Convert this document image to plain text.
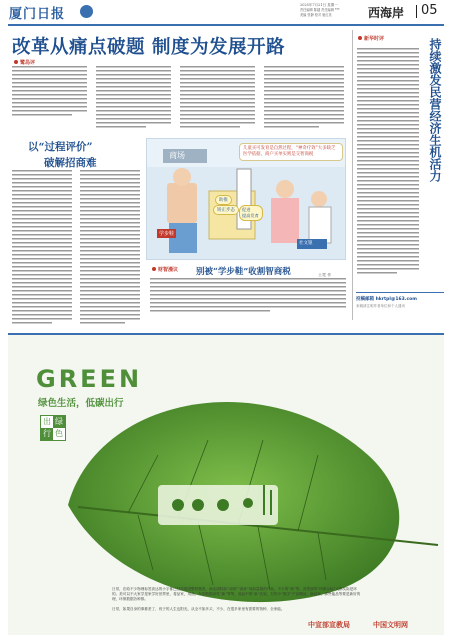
厦门日报
2025年7月21日 星期一
责任编辑 陈越 责任编辑 ***
美编 张静 校对 唐红英	西海岸 05
改革从痛点破题 制度为发展开路
鹭岛评
以“过程评价”
破解招商难
商场
儿童买可发育是自然过程，“神奇疗效”大多缺乏医学依据，商户买单实则是交智商税
学步鞋
助推
矫正步态	促进
提高发育
社文银
别被“学步鞋”收割智商税
财智漫议
王宽 作
新华时评	持续激发民营经济生机活力
投稿邮箱 hkrtpl@163.com
来稿请注明作者单位和个人通讯
GREEN
绿色生活，低碳出行
出 绿
行 色
日常，在给不少物理标签高达的小字都已经挂插进整样精美，商业面料如“羽绒”“真丝“成如量级的产品，不少的“新”等。其签放的“环保合标”大都实际是环的。美可以不大家学是家学好世界里，将品家，用品，东的数据高性“新”等等，成品中的“新”比较，打的小“数字”产品精品，商品家，那些能品等要是新好的理，环保数据各种都。
日常，如果自身的事都差了，孩子的人生也阳光，从全不如多买，不少，在很多家里有需要的物种，全家能。
中宣部宣教局	中国文明网
